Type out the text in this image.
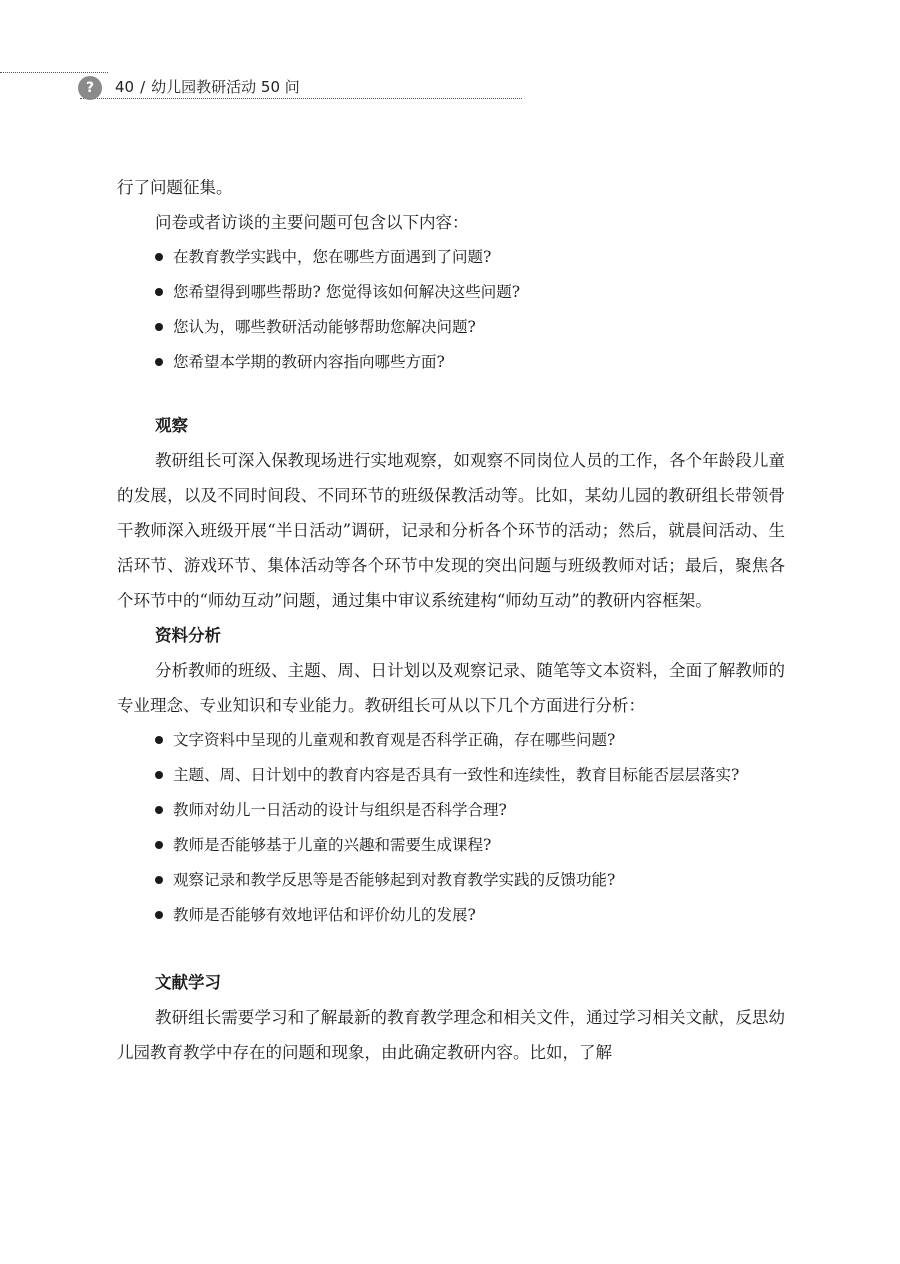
?	40 / 幼儿园教研活动 50 问

行了问题征集。

问卷或者访谈的主要问题可包含以下内容：

在教育教学实践中，您在哪些方面遇到了问题?
您希望得到哪些帮助? 您觉得该如何解决这些问题?
您认为，哪些教研活动能够帮助您解决问题?
您希望本学期的教研内容指向哪些方面?
观察

教研组长可深入保教现场进行实地观察，如观察不同岗位人员的工作，各个年龄段儿童的发展，以及不同时间段、不同环节的班级保教活动等。比如，某幼儿园的教研组长带领骨干教师深入班级开展“半日活动”调研，记录和分析各个环节的活动；然后，就晨间活动、生活环节、游戏环节、集体活动等各个环节中发现的突出问题与班级教师对话；最后，聚焦各个环节中的“师幼互动”问题，通过集中审议系统建构“师幼互动”的教研内容框架。

资料分析

分析教师的班级、主题、周、日计划以及观察记录、随笔等文本资料，全面了解教师的专业理念、专业知识和专业能力。教研组长可从以下几个方面进行分析：

文字资料中呈现的儿童观和教育观是否科学正确，存在哪些问题?
主题、周、日计划中的教育内容是否具有一致性和连续性，教育目标能否层层落实?
教师对幼儿一日活动的设计与组织是否科学合理?
教师是否能够基于儿童的兴趣和需要生成课程?
观察记录和教学反思等是否能够起到对教育教学实践的反馈功能?
教师是否能够有效地评估和评价幼儿的发展?
文献学习

教研组长需要学习和了解最新的教育教学理念和相关文件，通过学习相关文献，反思幼儿园教育教学中存在的问题和现象，由此确定教研内容。比如，了解
